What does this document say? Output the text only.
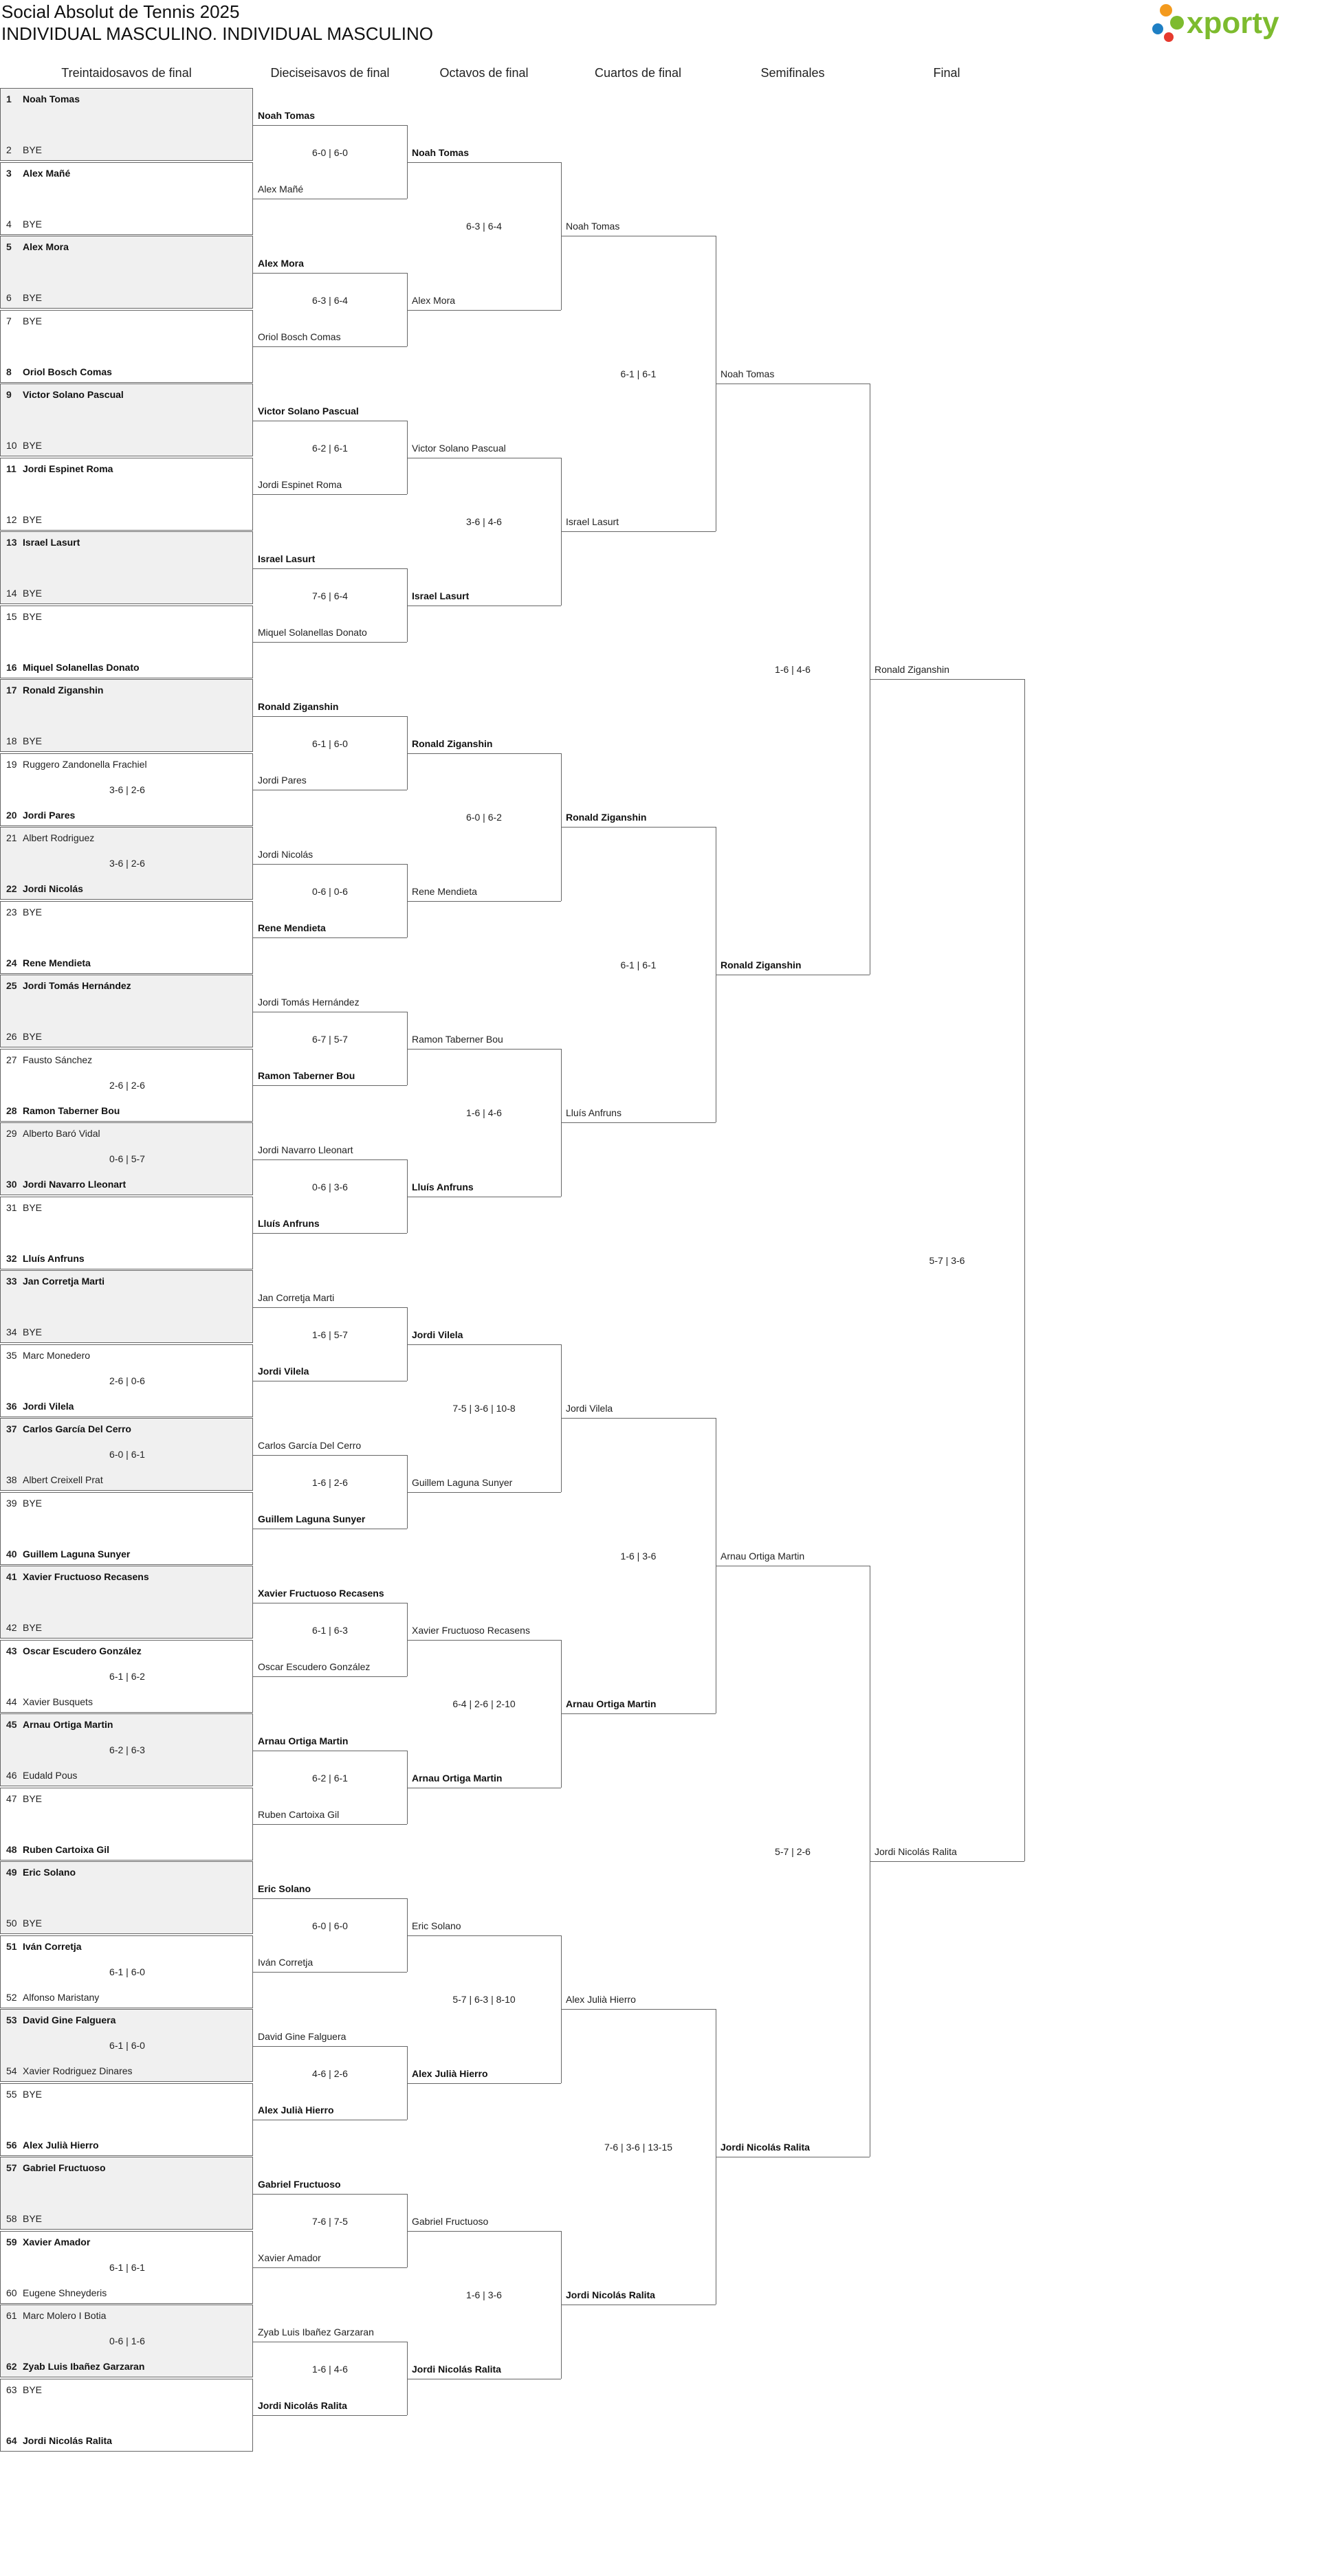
Social Absolut de Tennis 2025
INDIVIDUAL MASCULINO. INDIVIDUAL MASCULINO	xporty
Treintaidosavos de final	Dieciseisavos de final	Octavos de final	Cuartos de final	Semifinales	Final
1 Noah Tomas
2 BYE
3 Alex Mañé
4 BYE
5 Alex Mora
6 BYE
7 BYE
8 Oriol Bosch Comas
9 Victor Solano Pascual
10 BYE
11 Jordi Espinet Roma
12 BYE
13 Israel Lasurt
14 BYE
15 BYE
16 Miquel Solanellas Donato
17 Ronald Ziganshin
18 BYE
19 Ruggero Zandonella Frachiel
20 Jordi Pares
3-6 | 2-6
21 Albert Rodriguez
22 Jordi Nicolás
3-6 | 2-6
23 BYE
24 Rene Mendieta
25 Jordi Tomás Hernández
26 BYE
27 Fausto Sánchez
28 Ramon Taberner Bou
2-6 | 2-6
29 Alberto Baró Vidal
30 Jordi Navarro Lleonart
0-6 | 5-7
31 BYE
32 Lluís Anfruns
33 Jan Corretja Marti
34 BYE
35 Marc Monedero
36 Jordi Vilela
2-6 | 0-6
37 Carlos García Del Cerro
38 Albert Creixell Prat
6-0 | 6-1
39 BYE
40 Guillem Laguna Sunyer
41 Xavier Fructuoso Recasens
42 BYE
43 Oscar Escudero González
44 Xavier Busquets
6-1 | 6-2
45 Arnau Ortiga Martin
46 Eudald Pous
6-2 | 6-3
47 BYE
48 Ruben Cartoixa Gil
49 Eric Solano
50 BYE
51 Iván Corretja
52 Alfonso Maristany
6-1 | 6-0
53 David Gine Falguera
54 Xavier Rodriguez Dinares
6-1 | 6-0
55 BYE
56 Alex Julià Hierro
57 Gabriel Fructuoso
58 BYE
59 Xavier Amador
60 Eugene Shneyderis
6-1 | 6-1
61 Marc Molero I Botia
62 Zyab Luis Ibañez Garzaran
0-6 | 1-6
63 BYE
64 Jordi Nicolás Ralita
Noah Tomas
Alex Mañé
6-0 | 6-0
Alex Mora
Oriol Bosch Comas
6-3 | 6-4
Victor Solano Pascual
Jordi Espinet Roma
6-2 | 6-1
Israel Lasurt
Miquel Solanellas Donato
7-6 | 6-4
Ronald Ziganshin
Jordi Pares
6-1 | 6-0
Jordi Nicolás
Rene Mendieta
0-6 | 0-6
Jordi Tomás Hernández
Ramon Taberner Bou
6-7 | 5-7
Jordi Navarro Lleonart
Lluís Anfruns
0-6 | 3-6
Jan Corretja Marti
Jordi Vilela
1-6 | 5-7
Carlos García Del Cerro
Guillem Laguna Sunyer
1-6 | 2-6
Xavier Fructuoso Recasens
Oscar Escudero González
6-1 | 6-3
Arnau Ortiga Martin
Ruben Cartoixa Gil
6-2 | 6-1
Eric Solano
Iván Corretja
6-0 | 6-0
David Gine Falguera
Alex Julià Hierro
4-6 | 2-6
Gabriel Fructuoso
Xavier Amador
7-6 | 7-5
Zyab Luis Ibañez Garzaran
Jordi Nicolás Ralita
1-6 | 4-6
Noah Tomas
Alex Mora
6-3 | 6-4
Victor Solano Pascual
Israel Lasurt
3-6 | 4-6
Ronald Ziganshin
Rene Mendieta
6-0 | 6-2
Ramon Taberner Bou
Lluís Anfruns
1-6 | 4-6
Jordi Vilela
Guillem Laguna Sunyer
7-5 | 3-6 | 10-8
Xavier Fructuoso Recasens
Arnau Ortiga Martin
6-4 | 2-6 | 2-10
Eric Solano
Alex Julià Hierro
5-7 | 6-3 | 8-10
Gabriel Fructuoso
Jordi Nicolás Ralita
1-6 | 3-6
Noah Tomas
Israel Lasurt
6-1 | 6-1
Ronald Ziganshin
Lluís Anfruns
6-1 | 6-1
Jordi Vilela
Arnau Ortiga Martin
1-6 | 3-6
Alex Julià Hierro
Jordi Nicolás Ralita
7-6 | 3-6 | 13-15
Noah Tomas
Ronald Ziganshin
1-6 | 4-6
Arnau Ortiga Martin
Jordi Nicolás Ralita
5-7 | 2-6
Ronald Ziganshin
Jordi Nicolás Ralita
5-7 | 3-6
